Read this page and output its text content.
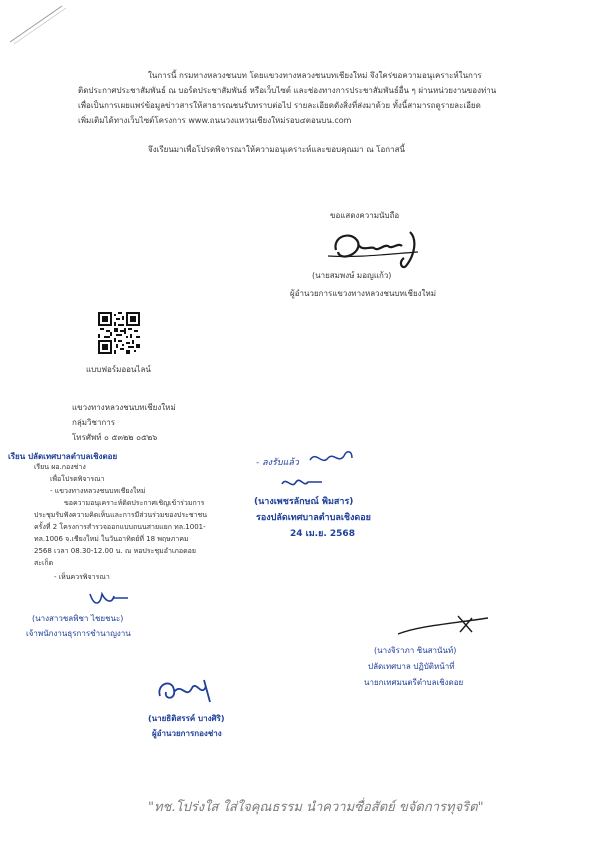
ในการนี้ กรมทางหลวงชนบท โดยแขวงทางหลวงชนบทเชียงใหม่ จึงใคร่ขอความอนุเคราะห์ในการ
ติดประกาศประชาสัมพันธ์ ณ บอร์ดประชาสัมพันธ์ หรือเว็บไซต์ และช่องทางการประชาสัมพันธ์อื่น ๆ ผ่านหน่วยงานของท่าน
เพื่อเป็นการเผยแพร่ข้อมูลข่าวสารให้สาธารณชนรับทราบต่อไป รายละเอียดดังสิ่งที่ส่งมาด้วย ทั้งนี้สามารถดูรายละเอียด
เพิ่มเติมได้ทางเว็บไซต์โครงการ www.ถนนวงแหวนเชียงใหม่รอบ๔ตอนบน.com
จึงเรียนมาเพื่อโปรดพิจารณาให้ความอนุเคราะห์และขอบคุณมา ณ โอกาสนี้
ขอแสดงความนับถือ
(นายสมพงษ์ มอญแก้ว)
ผู้อำนวยการแขวงทางหลวงชนบทเชียงใหม่
แบบฟอร์มออนไลน์
แขวงทางหลวงชนบทเชียงใหม่
กลุ่มวิชาการ
โทรศัพท์ ๐ ๕๓๒๒ ๐๕๒๖
เรียน ปลัดเทศบาลตำบลเชิงดอย
เรียน ผอ.กองช่าง
เพื่อโปรดพิจารณา
- แขวงทางหลวงชนบทเชียงใหม่
ขอความอนุเคราะห์ติดประกาศเชิญเข้าร่วมการ
ประชุมรับฟังความคิดเห็นและการมีส่วนร่วมของประชาชน
ครั้งที่ 2 โครงการสำรวจออกแบบถนนสายแยก ทล.1001-
ทล.1006 จ.เชียงใหม่ ในวันอาทิตย์ที่ 18 พฤษภาคม
2568 เวลา 08.30-12.00 น. ณ หอประชุมอำเภอดอย
สะเก็ด
- เห็นควรพิจารณา
(นางสาวชลพิชา ไชยชนะ)
เจ้าพนักงานธุรการชำนาญงาน
(นายธิติสรรค์ บางศิริ)
ผู้อำนวยการกองช่าง
- ลงรับแล้ว
(นางเพชรลักษณ์ พิมสาร)
รองปลัดเทศบาลตำบลเชิงดอย
24 เม.ย. 2568
(นางจิราภา ชินสานันท์)
ปลัดเทศบาล ปฏิบัติหน้าที่
นายกเทศมนตรีตำบลเชิงดอย
"ทช.โปร่งใส ใส่ใจคุณธรรม นำความซื่อสัตย์ ขจัดการทุจริต"
